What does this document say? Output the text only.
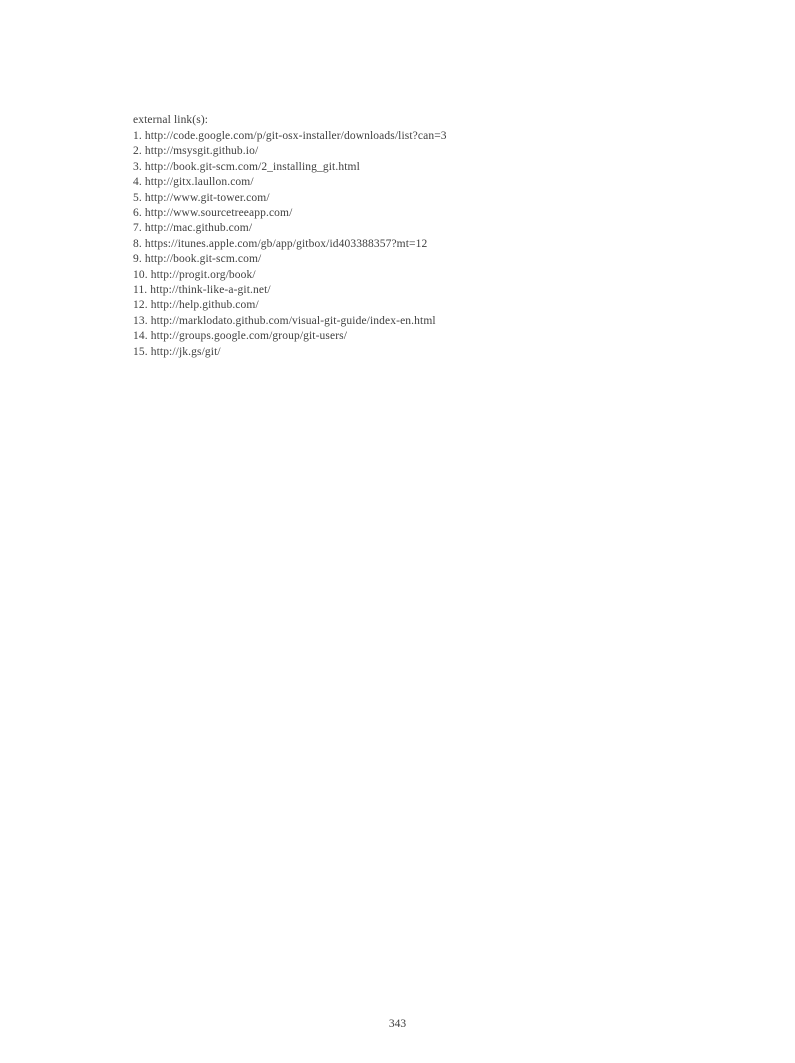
external link(s):

1. http://code.google.com/p/git-osx-installer/downloads/list?can=3
2. http://msysgit.github.io/
3. http://book.git-scm.com/2_installing_git.html
4. http://gitx.laullon.com/
5. http://www.git-tower.com/
6. http://www.sourcetreeapp.com/
7. http://mac.github.com/
8. https://itunes.apple.com/gb/app/gitbox/id403388357?mt=12
9. http://book.git-scm.com/
10. http://progit.org/book/
11. http://think-like-a-git.net/
12. http://help.github.com/
13. http://marklodato.github.com/visual-git-guide/index-en.html
14. http://groups.google.com/group/git-users/
15. http://jk.gs/git/
343
